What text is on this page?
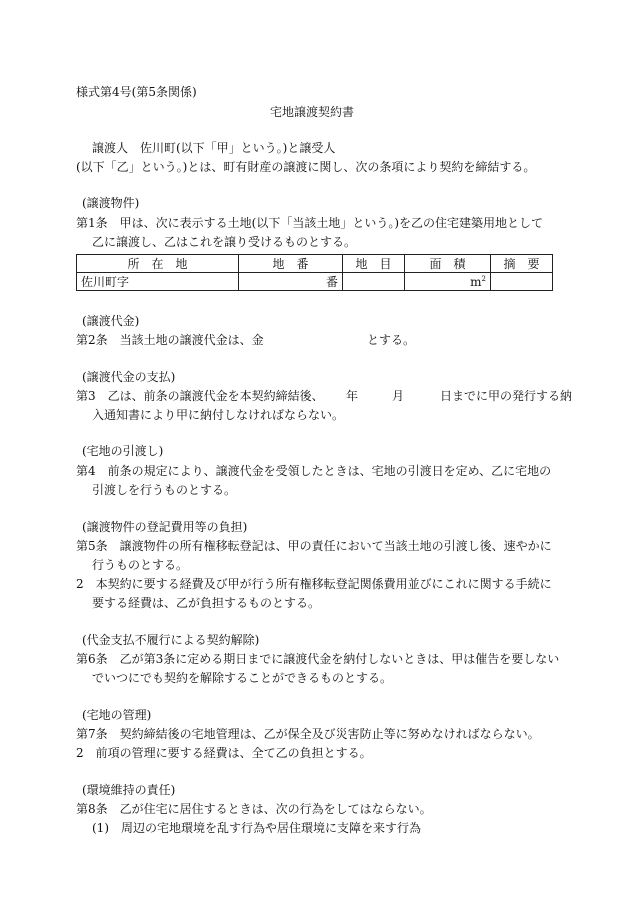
様式第4号(第5条関係)
宅地譲渡契約書
譲渡人　佐川町(以下「甲」という。)と譲受人
(以下「乙」という。)とは、町有財産の譲渡に関し、次の条項により契約を締結する。
(譲渡物件)
第1条　甲は、次に表示する土地(以下「当該土地」という。)を乙の住宅建築用地として
乙に譲渡し、乙はこれを譲り受けるものとする。
所　在　地	地　番	地　目	面　積	摘　要
佐川町字	番		$m^2$	
(譲渡代金)
第2条　当該土地の譲渡代金は、金	とする。
(譲渡代金の支払)
第3　乙は、前条の譲渡代金を本契約締結後、 年	月	日までに甲の発行する納
入通知書により甲に納付しなければならない。
(宅地の引渡し)
第4　前条の規定により、譲渡代金を受領したときは、宅地の引渡日を定め、乙に宅地の
引渡しを行うものとする。
(譲渡物件の登記費用等の負担)
第5条　譲渡物件の所有権移転登記は、甲の責任において当該土地の引渡し後、速やかに
行うものとする。
2　本契約に要する経費及び甲が行う所有権移転登記関係費用並びにこれに関する手続に
要する経費は、乙が負担するものとする。
(代金支払不履行による契約解除)
第6条　乙が第3条に定める期日までに譲渡代金を納付しないときは、甲は催告を要しない
でいつにでも契約を解除することができるものとする。
(宅地の管理)
第7条　契約締結後の宅地管理は、乙が保全及び災害防止等に努めなければならない。
2　前項の管理に要する経費は、全て乙の負担とする。
(環境維持の責任)
第8条　乙が住宅に居住するときは、次の行為をしてはならない。
(1)　周辺の宅地環境を乱す行為や居住環境に支障を来す行為
